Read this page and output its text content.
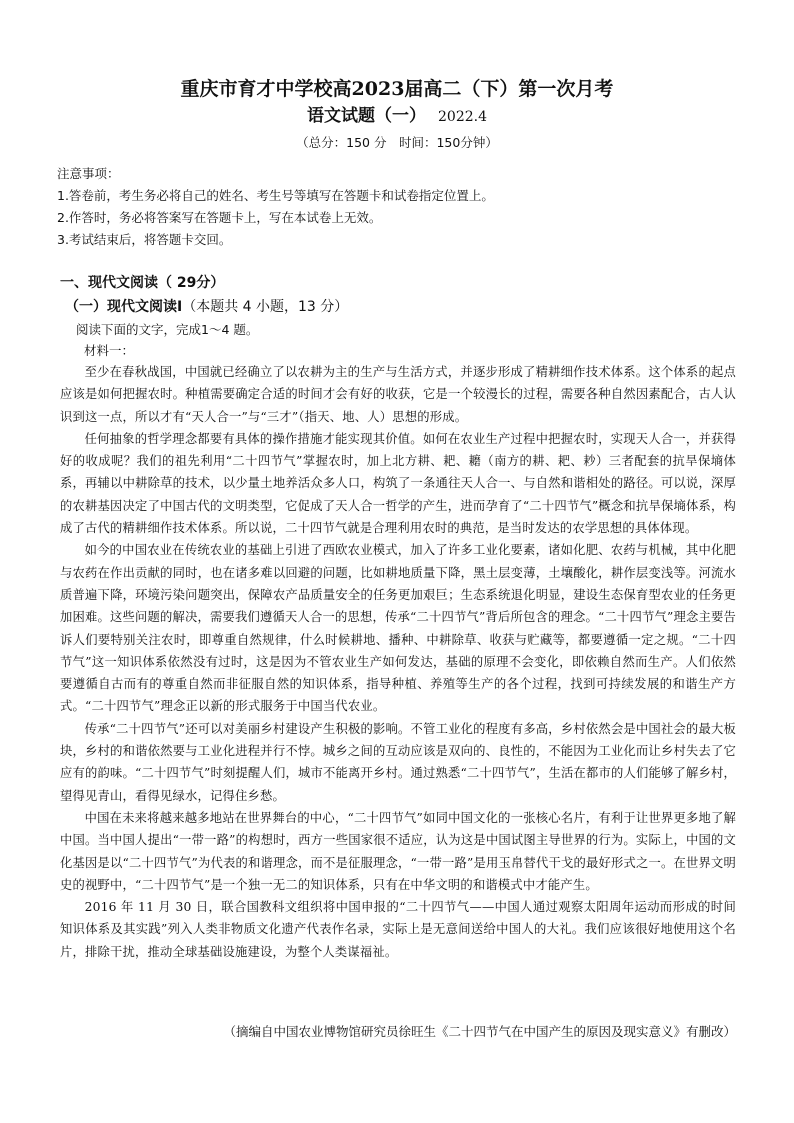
重庆市育才中学校高2023届高二（下）第一次月考
语文试题（一） 2022.4
（总分：150 分　时间：150分钟）
注意事项：
1.答卷前，考生务必将自己的姓名、考生号等填写在答题卡和试卷指定位置上。
2.作答时，务必将答案写在答题卡上，写在本试卷上无效。
3.考试结束后，将答题卡交回。
一、现代文阅读（ 29分）
（一）现代文阅读Ⅰ（本题共 4 小题，13 分）
阅读下面的文字，完成1～4 题。
材料一：

至少在春秋战国，中国就已经确立了以农耕为主的生产与生活方式，并逐步形成了精耕细作技术体系。这个体系的起点应该是如何把握农时。种植需要确定合适的时间才会有好的收获，它是一个较漫长的过程，需要各种自然因素配合，古人认识到这一点，所以才有“天人合一”与“三才”（指天、地、人）思想的形成。

任何抽象的哲学理念都要有具体的操作措施才能实现其价值。如何在农业生产过程中把握农时，实现天人合一，并获得好的收成呢？我们的祖先利用“二十四节气”掌握农时，加上北方耕、耙、耱（南方的耕、耙、耖）三者配套的抗旱保墒体系，再辅以中耕除草的技术，以少量土地养活众多人口，构筑了一条通往天人合一、与自然和谐相处的路径。可以说，深厚的农耕基因决定了中国古代的文明类型，它促成了天人合一哲学的产生，进而孕育了“二十四节气”概念和抗旱保墒体系，构成了古代的精耕细作技术体系。所以说，二十四节气就是合理利用农时的典范，是当时发达的农学思想的具体体现。

如今的中国农业在传统农业的基础上引进了西欧农业模式，加入了许多工业化要素，诸如化肥、农药与机械，其中化肥与农药在作出贡献的同时，也在诸多难以回避的问题，比如耕地质量下降，黑土层变薄，土壤酸化，耕作层变浅等。河流水质普遍下降，环境污染问题突出，保障农产品质量安全的任务更加艰巨；生态系统退化明显，建设生态保育型农业的任务更加困难。这些问题的解决，需要我们遵循天人合一的思想，传承“二十四节气”背后所包含的理念。“二十四节气”理念主要告诉人们要特别关注农时，即尊重自然规律，什么时候耕地、播种、中耕除草、收获与贮藏等，都要遵循一定之规。“二十四节气”这一知识体系依然没有过时，这是因为不管农业生产如何发达，基础的原理不会变化，即依赖自然而生产。人们依然要遵循自古而有的尊重自然而非征服自然的知识体系，指导种植、养殖等生产的各个过程，找到可持续发展的和谐生产方式。“二十四节气”理念正以新的形式服务于中国当代农业。

传承“二十四节气”还可以对美丽乡村建设产生积极的影响。不管工业化的程度有多高，乡村依然会是中国社会的最大板块，乡村的和谐依然要与工业化进程并行不悖。城乡之间的互动应该是双向的、良性的，不能因为工业化而让乡村失去了它应有的韵味。“二十四节气”时刻提醒人们，城市不能离开乡村。通过熟悉“二十四节气”，生活在都市的人们能够了解乡村，望得见青山，看得见绿水，记得住乡愁。

中国在未来将越来越多地站在世界舞台的中心，“二十四节气”如同中国文化的一张核心名片，有利于让世界更多地了解中国。当中国人提出“一带一路”的构想时，西方一些国家很不适应，认为这是中国试图主导世界的行为。实际上，中国的文化基因是以“二十四节气”为代表的和谐理念，而不是征服理念，“一带一路”是用玉帛替代干戈的最好形式之一。在世界文明史的视野中，“二十四节气”是一个独一无二的知识体系，只有在中华文明的和谐模式中才能产生。

2016 年 11 月 30 日，联合国教科文组织将中国申报的“二十四节气——中国人通过观察太阳周年运动而形成的时间知识体系及其实践”列入人类非物质文化遗产代表作名录，实际上是无意间送给中国人的大礼。我们应该很好地使用这个名片，排除干扰，推动全球基础设施建设，为整个人类谋福祉。

（摘编自中国农业博物馆研究员徐旺生《二十四节气在中国产生的原因及现实意义》有删改）
